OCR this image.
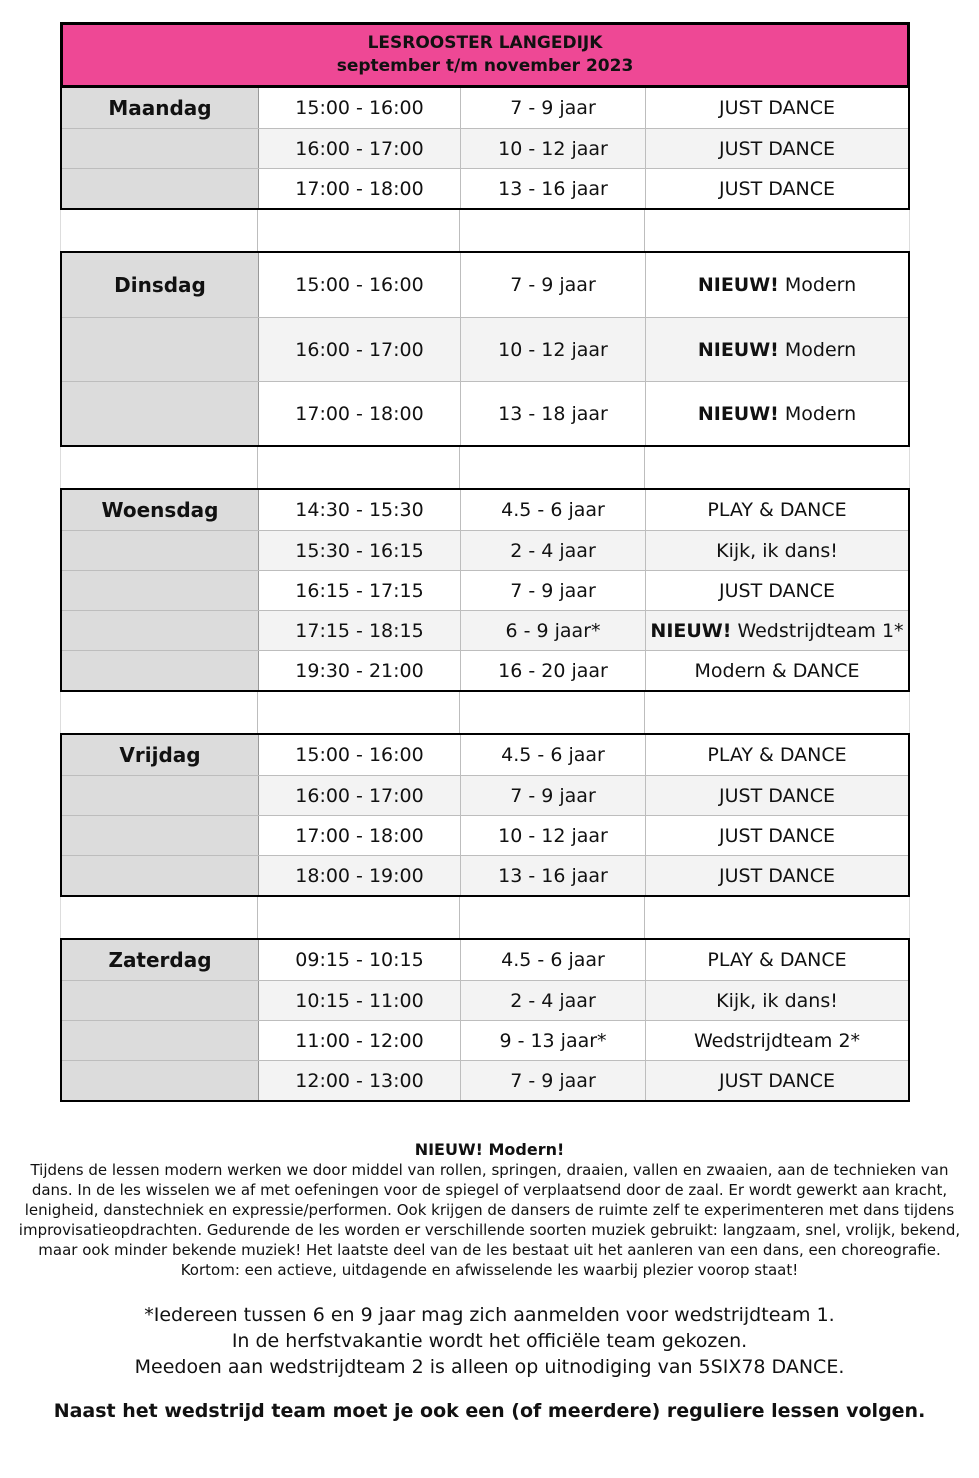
LESROOSTER LANGEDIJK
september t/m november 2023
Maandag	15:00 - 16:00	7 - 9 jaar	JUST DANCE
16:00 - 17:00	10 - 12 jaar	JUST DANCE
17:00 - 18:00	13 - 16 jaar	JUST DANCE
Dinsdag	15:00 - 16:00	7 - 9 jaar	NIEUW! Modern
16:00 - 17:00	10 - 12 jaar	NIEUW! Modern
17:00 - 18:00	13 - 18 jaar	NIEUW! Modern
Woensdag	14:30 - 15:30	4.5 - 6 jaar	PLAY & DANCE
15:30 - 16:15	2 - 4 jaar	Kijk, ik dans!
16:15 - 17:15	7 - 9 jaar	JUST DANCE
17:15 - 18:15	6 - 9 jaar*	NIEUW! Wedstrijdteam 1*
19:30 - 21:00	16 - 20 jaar	Modern & DANCE
Vrijdag	15:00 - 16:00	4.5 - 6 jaar	PLAY & DANCE
16:00 - 17:00	7 - 9 jaar	JUST DANCE
17:00 - 18:00	10 - 12 jaar	JUST DANCE
18:00 - 19:00	13 - 16 jaar	JUST DANCE
Zaterdag	09:15 - 10:15	4.5 - 6 jaar	PLAY & DANCE
10:15 - 11:00	2 - 4 jaar	Kijk, ik dans!
11:00 - 12:00	9 - 13 jaar*	Wedstrijdteam 2*
12:00 - 13:00	7 - 9 jaar	JUST DANCE
NIEUW! Modern!
Tijdens de lessen modern werken we door middel van rollen, springen, draaien, vallen en zwaaien, aan de technieken van dans. In de les wisselen we af met oefeningen voor de spiegel of verplaatsend door de zaal. Er wordt gewerkt aan kracht, lenigheid, danstechniek en expressie/performen. Ook krijgen de dansers de ruimte zelf te experimenteren met dans tijdens improvisatieopdrachten. Gedurende de les worden er verschillende soorten muziek gebruikt: langzaam, snel, vrolijk, bekend, maar ook minder bekende muziek! Het laatste deel van de les bestaat uit het aanleren van een dans, een choreografie. Kortom: een actieve, uitdagende en afwisselende les waarbij plezier voorop staat!
*Iedereen tussen 6 en 9 jaar mag zich aanmelden voor wedstrijdteam 1.
In de herfstvakantie wordt het officiële team gekozen.
Meedoen aan wedstrijdteam 2 is alleen op uitnodiging van 5SIX78 DANCE.
Naast het wedstrijd team moet je ook een (of meerdere) reguliere lessen volgen.
